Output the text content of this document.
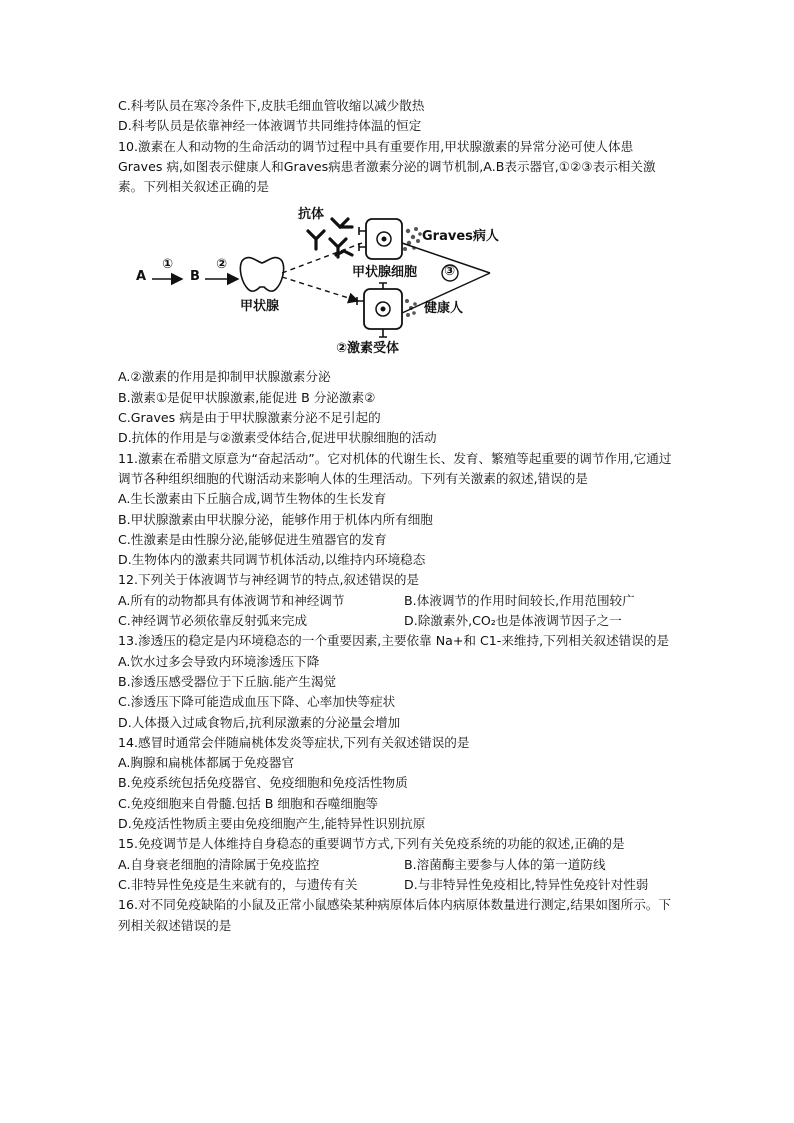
C.科考队员在寒冷条件下,皮肤毛细血管收缩以减少散热
D.科考队员是依靠神经一体液调节共同维持体温的恒定
10.激素在人和动物的生命活动的调节过程中具有重要作用,甲状腺激素的异常分泌可使人体患 Graves 病,如图表示健康人和Graves病患者激素分泌的调节机制,A.B表示器官,①②③表示相关激素。下列相关叙述正确的是
A	B
①	②	③
抗体
Graves病人
甲状腺细胞
甲状腺	健康人
②激素受体
A.②激素的作用是抑制甲状腺激素分泌
B.激素①是促甲状腺激素,能促进 B 分泌激素②
C.Graves 病是由于甲状腺激素分泌不足引起的
D.抗体的作用是与②激素受体结合,促进甲状腺细胞的活动
11.激素在希腊文原意为“奋起活动”。它对机体的代谢生长、发育、繁殖等起重要的调节作用,它通过调节各种组织细胞的代谢活动来影响人体的生理活动。下列有关激素的叙述,错误的是
A.生长激素由下丘脑合成,调节生物体的生长发育
B.甲状腺激素由甲状腺分泌，能够作用于机体内所有细胞
C.性激素是由性腺分泌,能够促进生殖器官的发育
D.生物体内的激素共同调节机体活动,以维持内环境稳态
12.下列关于体液调节与神经调节的特点,叙述错误的是
A.所有的动物都具有体液调节和神经调节	B.体液调节的作用时间较长,作用范围较广
C.神经调节必须依靠反射弧来完成	D.除激素外,CO₂也是体液调节因子之一
13.渗透压的稳定是内环境稳态的一个重要因素,主要依靠 Na+和 C1-来维持,下列相关叙述错误的是
A.饮水过多会导致内环境渗透压下降
B.渗透压感受器位于下丘脑.能产生渴觉
C.渗透压下降可能造成血压下降、心率加快等症状
D.人体摄入过咸食物后,抗利尿激素的分泌量会增加
14.感冒时通常会伴随扁桃体发炎等症状,下列有关叙述错误的是
A.胸腺和扁桃体都属于免疫器官
B.免疫系统包括免疫器官、免疫细胞和免疫活性物质
C.免疫细胞来自骨髓.包括 B 细胞和吞噬细胞等
D.免疫活性物质主要由免疫细胞产生,能特异性识别抗原
15.免疫调节是人体维持自身稳态的重要调节方式,下列有关免疫系统的功能的叙述,正确的是
A.自身衰老细胞的清除属于免疫监控	B.溶菌酶主要参与人体的第一道防线
C.非特异性免疫是生来就有的，与遗传有关	D.与非特异性免疫相比,特异性免疫针对性弱
16.对不同免疫缺陷的小鼠及正常小鼠感染某种病原体后体内病原体数量进行测定,结果如图所示。下列相关叙述错误的是
